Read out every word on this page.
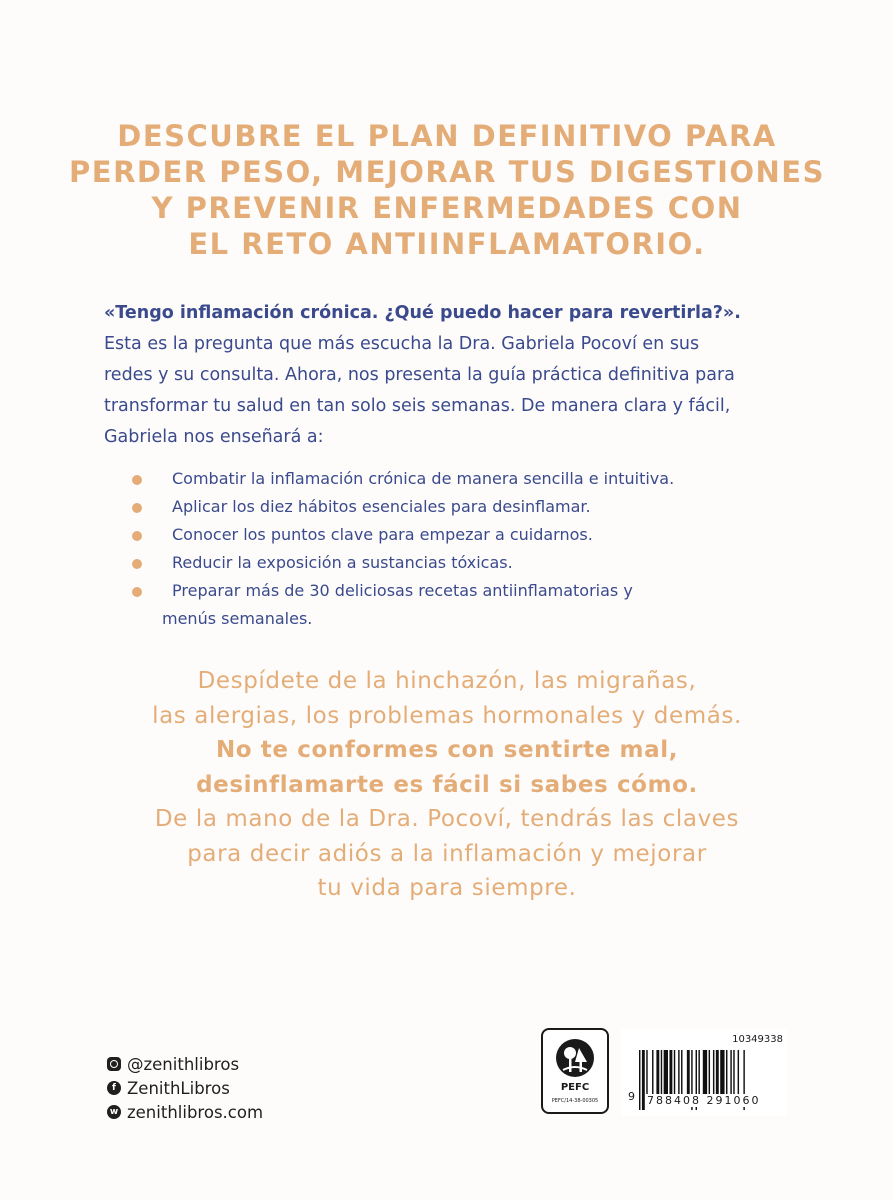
DESCUBRE EL PLAN DEFINITIVO PARA
PERDER PESO, MEJORAR TUS DIGESTIONES
Y PREVENIR ENFERMEDADES CON
EL RETO ANTIINFLAMATORIO.
«Tengo inflamación crónica. ¿Qué puedo hacer para revertirla?».
Esta es la pregunta que más escucha la Dra. Gabriela Pocoví en sus
redes y su consulta. Ahora, nos presenta la guía práctica definitiva para
transformar tu salud en tan solo seis semanas. De manera clara y fácil,
Gabriela nos enseñará a:
Combatir la inflamación crónica de manera sencilla e intuitiva.
Aplicar los diez hábitos esenciales para desinflamar.
Conocer los puntos clave para empezar a cuidarnos.
Reducir la exposición a sustancias tóxicas.
Preparar más de 30 deliciosas recetas antiinflamatorias y
menús semanales.
Despídete de la hinchazón, las migrañas,
las alergias, los problemas hormonales y demás.
No te conformes con sentirte mal,
desinflamarte es fácil si sabes cómo.
De la mano de la Dra. Pocoví, tendrás las claves
para decir adiós a la inflamación y mejorar
tu vida para siempre.
@zenithlibros
f ZenithLibros
w zenithlibros.com
PEFC
PEFC/14-38-00305
10349338
9 788408 291060
